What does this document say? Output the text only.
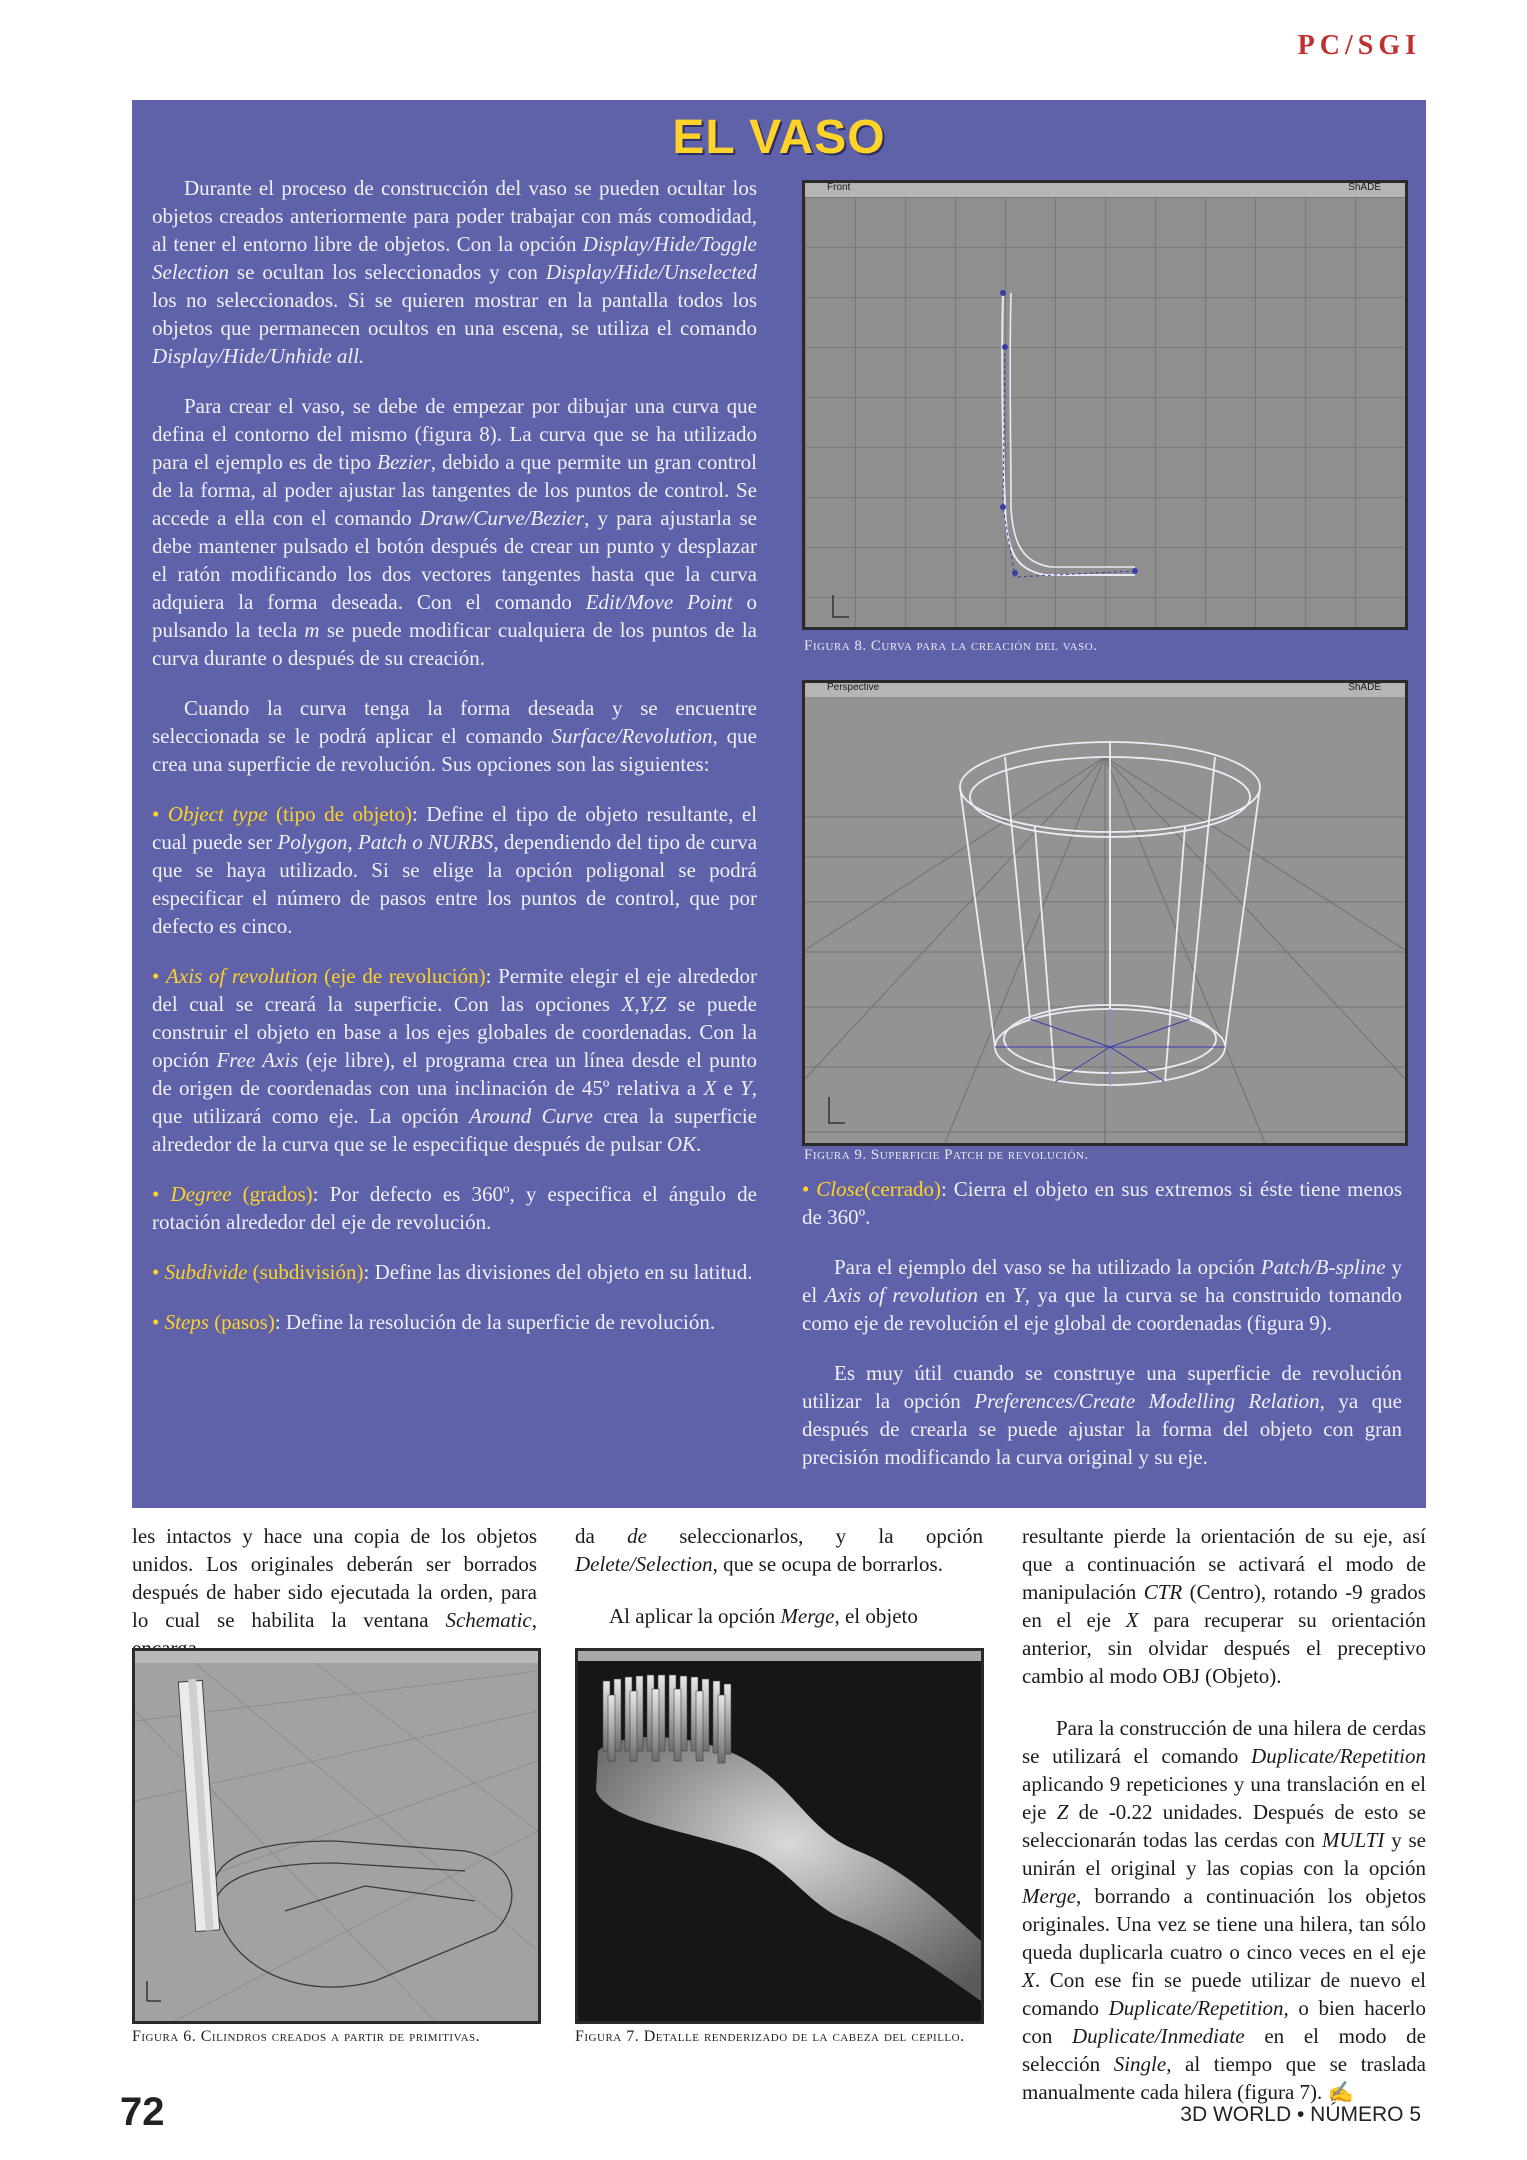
PC/SGI
EL VASO

Durante el proceso de construcción del vaso se pueden ocultar los objetos creados anteriormente para poder trabajar con más comodidad, al tener el entorno libre de objetos. Con la opción Display/Hide/Toggle Selection se ocultan los seleccionados y con Display/Hide/Unselected los no seleccionados. Si se quieren mostrar en la pantalla todos los objetos que permanecen ocultos en una escena, se utiliza el comando Display/Hide/Unhide all.

Para crear el vaso, se debe de empezar por dibujar una curva que defina el contorno del mismo (figura 8). La curva que se ha utilizado para el ejemplo es de tipo Bezier, debido a que permite un gran control de la forma, al poder ajustar las tangentes de los puntos de control. Se accede a ella con el comando Draw/Curve/Bezier, y para ajustarla se debe mantener pulsado el botón después de crear un punto y desplazar el ratón modificando los dos vectores tangentes hasta que la curva adquiera la forma deseada. Con el comando Edit/Move Point o pulsando la tecla m se puede modificar cualquiera de los puntos de la curva durante o después de su creación.

Cuando la curva tenga la forma deseada y se encuentre seleccionada se le podrá aplicar el comando Surface/Revolution, que crea una superficie de revolución. Sus opciones son las siguientes:

• Object type (tipo de objeto): Define el tipo de objeto resultante, el cual puede ser Polygon, Patch o NURBS, dependiendo del tipo de curva que se haya utilizado. Si se elige la opción poligonal se podrá especificar el número de pasos entre los puntos de control, que por defecto es cinco.

• Axis of revolution (eje de revolución): Permite elegir el eje alrededor del cual se creará la superficie. Con las opciones X,Y,Z se puede construir el objeto en base a los ejes globales de coordenadas. Con la opción Free Axis (eje libre), el programa crea un línea desde el punto de origen de coordenadas con una inclinación de 45º relativa a X e Y, que utilizará como eje. La opción Around Curve crea la superficie alrededor de la curva que se le especifique después de pulsar OK.

• Degree (grados): Por defecto es 360º, y especifica el ángulo de rotación alrededor del eje de revolución.

• Subdivide (subdivisión): Define las divisiones del objeto en su latitud.

• Steps (pasos): Define la resolución de la superficie de revolución.

Front	ShADE
Figura 8. Curva para la creación del vaso.
Perspective	ShADE
Figura 9. Superficie Patch de revolución.

• Close(cerrado): Cierra el objeto en sus extremos si éste tiene menos de 360º.

Para el ejemplo del vaso se ha utilizado la opción Patch/B-spline y el Axis of revolution en Y, ya que la curva se ha construido tomando como eje de revolución el eje global de coordenadas (figura 9).

Es muy útil cuando se construye una superficie de revolución utilizar la opción Preferences/Create Modelling Relation, ya que después de crearla se puede ajustar la forma del objeto con gran precisión modificando la curva original y su eje.

les intactos y hace una copia de los objetos unidos. Los originales deberán ser borrados después de haber sido ejecutada la orden, para lo cual se habilita la ventana Schematic,

da de seleccionarlos, y la opción Delete/Selection, que se ocupa de borrarlos.

Al aplicar la opción Merge, el objeto

resultante pierde la orientación de su eje, así que a continuación se activará el modo de manipulación CTR (Centro), rotando -9 grados en el eje X para recuperar su orientación anterior, sin olvidar después el preceptivo cambio al modo OBJ (Objeto).

Para la construcción de una hilera de cerdas se utilizará el comando Duplicate/Repetition aplicando 9 repeticiones y una translación en el eje Z de -0.22 unidades. Después de esto se seleccionarán todas las cerdas con MULTI y se unirán el original y las copias con la opción Merge, borrando a continuación los objetos originales. Una vez se tiene una hilera, tan sólo queda duplicarla cuatro o cinco veces en el eje X. Con ese fin se puede utilizar de nuevo el comando Duplicate/Repetition, o bien hacerlo con Duplicate/Inmediate en el modo de selección Single, al tiempo que se traslada manualmente cada hilera (figura 7). ✍

Figura 6. Cilindros creados a partir de primitivas.	Figura 7. Detalle renderizado de la cabeza del cepillo.
72	3D WORLD • NÚMERO 5
